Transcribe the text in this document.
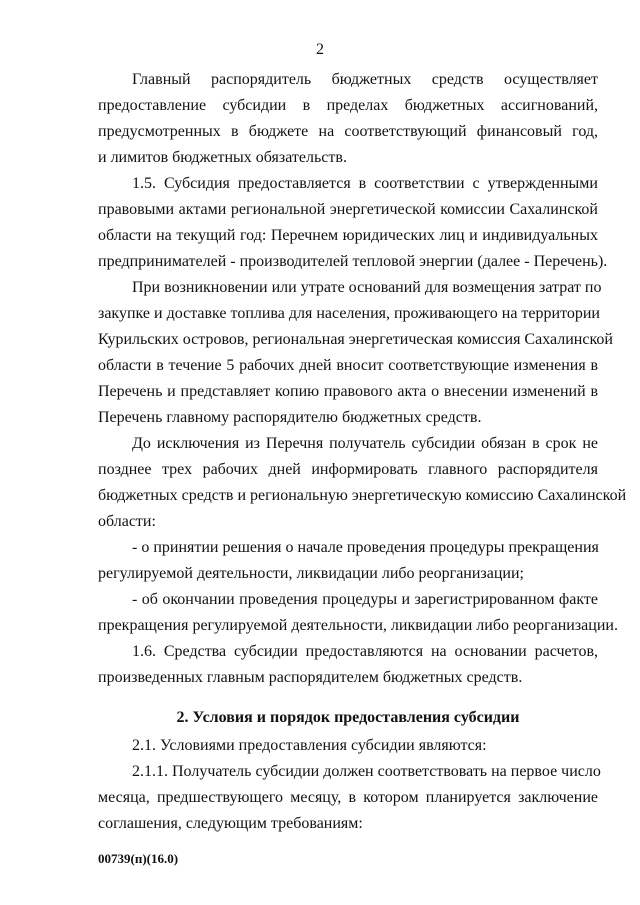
2
Главный распорядитель бюджетных средств осуществляет
предоставление субсидии в пределах бюджетных ассигнований,
предусмотренных в бюджете на соответствующий финансовый год,
и лимитов бюджетных обязательств.
1.5. Субсидия предоставляется в соответствии с утвержденными
правовыми актами региональной энергетической комиссии Сахалинской
области на текущий год: Перечнем юридических лиц и индивидуальных
предпринимателей - производителей тепловой энергии (далее - Перечень).
При возникновении или утрате оснований для возмещения затрат по
закупке и доставке топлива для населения, проживающего на территории
Курильских островов, региональная энергетическая комиссия Сахалинской
области в течение 5 рабочих дней вносит соответствующие изменения в
Перечень и представляет копию правового акта о внесении изменений в
Перечень главному распорядителю бюджетных средств.
До исключения из Перечня получатель субсидии обязан в срок не
позднее трех рабочих дней информировать главного распорядителя
бюджетных средств и региональную энергетическую комиссию Сахалинской
области:
- о принятии решения о начале проведения процедуры прекращения
регулируемой деятельности, ликвидации либо реорганизации;
- об окончании проведения процедуры и зарегистрированном факте
прекращения регулируемой деятельности, ликвидации либо реорганизации.
1.6. Средства субсидии предоставляются на основании расчетов,
произведенных главным распорядителем бюджетных средств.
2. Условия и порядок предоставления субсидии
2.1. Условиями предоставления субсидии являются:
2.1.1. Получатель субсидии должен соответствовать на первое число
месяца, предшествующего месяцу, в котором планируется заключение
соглашения, следующим требованиям:
00739(п)(16.0)
